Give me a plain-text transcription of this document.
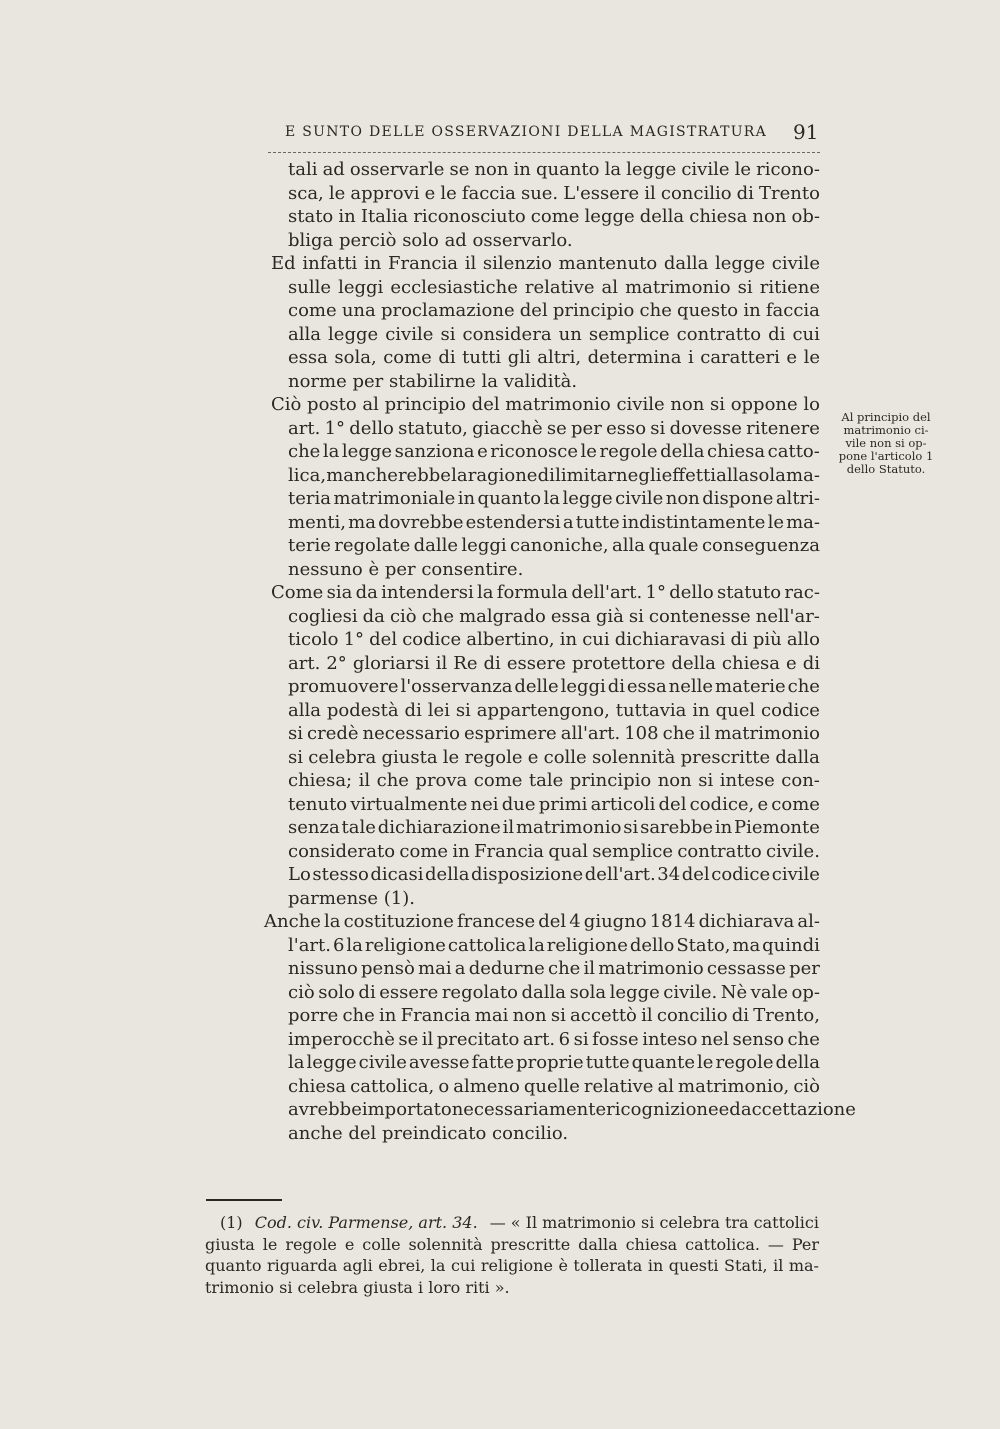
E SUNTO DELLE OSSERVAZIONI DELLA MAGISTRATURA	91
tali ad osservarle se non in quanto la legge civile le ricono-
sca, le approvi e le faccia sue. L'essere il concilio di Trento
stato in Italia riconosciuto come legge della chiesa non ob-
bliga perciò solo ad osservarlo.
Ed infatti in Francia il silenzio mantenuto dalla legge civile
sulle leggi ecclesiastiche relative al matrimonio si ritiene
come una proclamazione del principio che questo in faccia
alla legge civile si considera un semplice contratto di cui
essa sola, come di tutti gli altri, determina i caratteri e le
norme per stabilirne la validità.
Ciò posto al principio del matrimonio civile non si oppone lo
art. 1° dello statuto, giacchè se per esso si dovesse ritenere
che la legge sanziona e riconosce le regole della chiesa catto-
lica, mancherebbe la ragione di limitarne gli effetti alla sola ma-
teria matrimoniale in quanto la legge civile non dispone altri-
menti, ma dovrebbe estendersi a tutte indistintamente le ma-
terie regolate dalle leggi canoniche, alla quale conseguenza
nessuno è per consentire.
Come sia da intendersi la formula dell'art. 1° dello statuto rac-
cogliesi da ciò che malgrado essa già si contenesse nell'ar-
ticolo 1° del codice albertino, in cui dichiaravasi di più allo
art. 2° gloriarsi il Re di essere protettore della chiesa e di
promuovere l'osservanza delle leggi di essa nelle materie che
alla podestà di lei si appartengono, tuttavia in quel codice
si credè necessario esprimere all'art. 108 che il matrimonio
si celebra giusta le regole e colle solennità prescritte dalla
chiesa; il che prova come tale principio non si intese con-
tenuto virtualmente nei due primi articoli del codice, e come
senza tale dichiarazione il matrimonio si sarebbe in Piemonte
considerato come in Francia qual semplice contratto civile.
Lo stesso dicasi della disposizione dell'art. 34 del codice civile
parmense (1).
Anche la costituzione francese del 4 giugno 1814 dichiarava al-
l'art. 6 la religione cattolica la religione dello Stato, ma quindi
nissuno pensò mai a dedurne che il matrimonio cessasse per
ciò solo di essere regolato dalla sola legge civile. Nè vale op-
porre che in Francia mai non si accettò il concilio di Trento,
imperocchè se il precitato art. 6 si fosse inteso nel senso che
la legge civile avesse fatte proprie tutte quante le regole della
chiesa cattolica, o almeno quelle relative al matrimonio, ciò
avrebbe importato necessariamente ricognizione ed accettazione
anche del preindicato concilio.
Al principio del
matrimonio ci-
vile non si op-
pone l'articolo 1
dello Statuto.
(1) Cod. civ. Parmense, art. 34. — « Il matrimonio si celebra tra cattolici
giusta le regole e colle solennità prescritte dalla chiesa cattolica. — Per
quanto riguarda agli ebrei, la cui religione è tollerata in questi Stati, il ma-
trimonio si celebra giusta i loro riti ».
